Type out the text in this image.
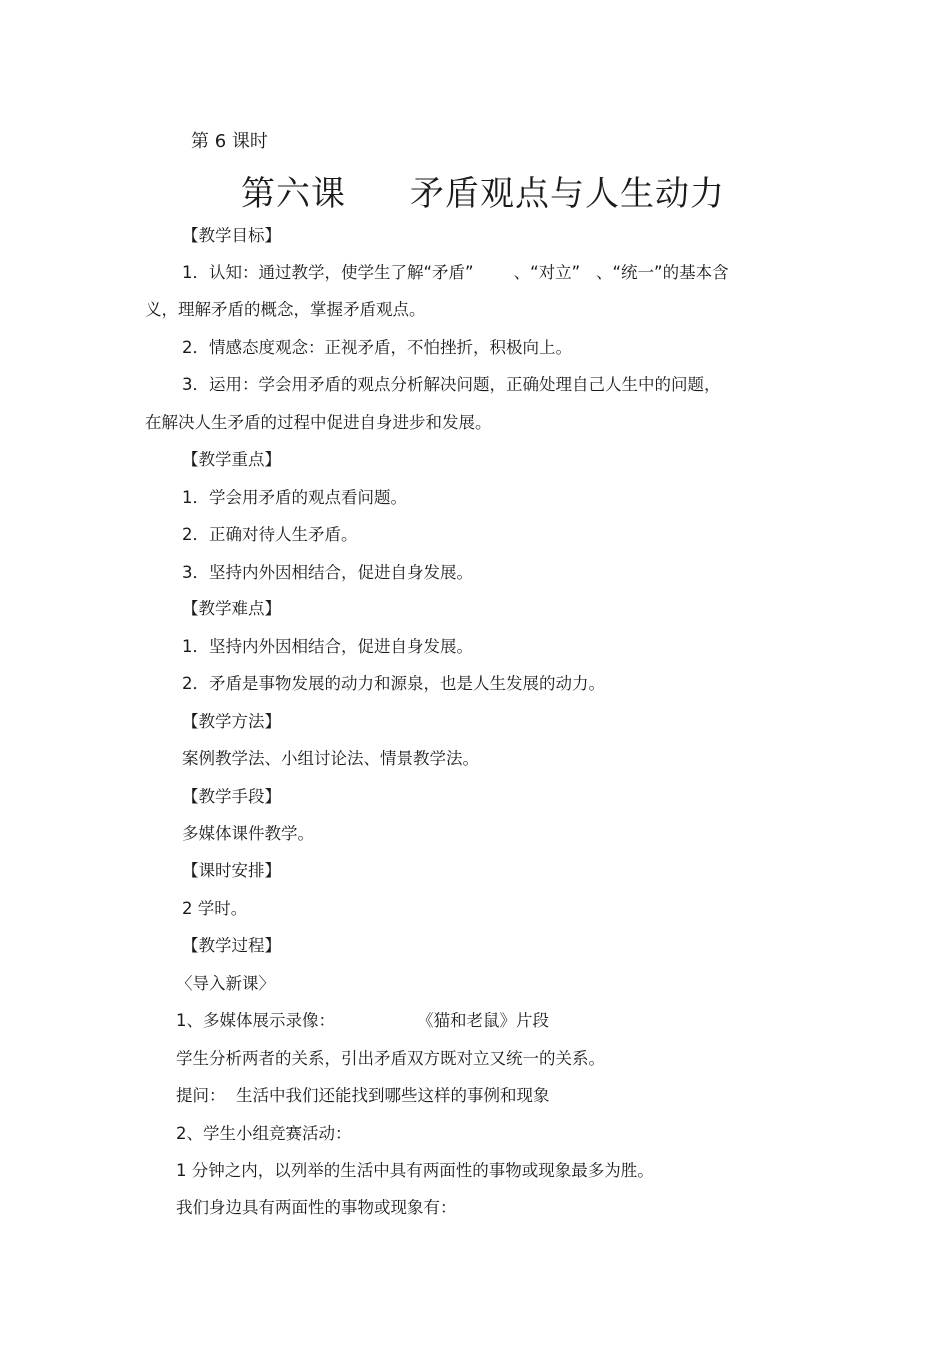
第 6 课时
第六课 矛盾观点与人生动力
【教学目标】
1．认知：通过教学，使学生了解“矛盾” 、“对立” 、“统一”的基本含
义，理解矛盾的概念，掌握矛盾观点。
2．情感态度观念：正视矛盾，不怕挫折，积极向上。
3．运用：学会用矛盾的观点分析解决问题，正确处理自己人生中的问题，
在解决人生矛盾的过程中促进自身进步和发展。
【教学重点】
1．学会用矛盾的观点看问题。
2．正确对待人生矛盾。
3．坚持内外因相结合，促进自身发展。
【教学难点】
1．坚持内外因相结合，促进自身发展。
2．矛盾是事物发展的动力和源泉，也是人生发展的动力。
【教学方法】
案例教学法、小组讨论法、情景教学法。
【教学手段】
多媒体课件教学。
【课时安排】
2 学时。
【教学过程】
〈导入新课〉
1、多媒体展示录像：	《猫和老鼠》片段
学生分析两者的关系，引出矛盾双方既对立又统一的关系。
提问： 生活中我们还能找到哪些这样的事例和现象
2、学生小组竞赛活动：
1 分钟之内，以列举的生活中具有两面性的事物或现象最多为胜。
我们身边具有两面性的事物或现象有：
